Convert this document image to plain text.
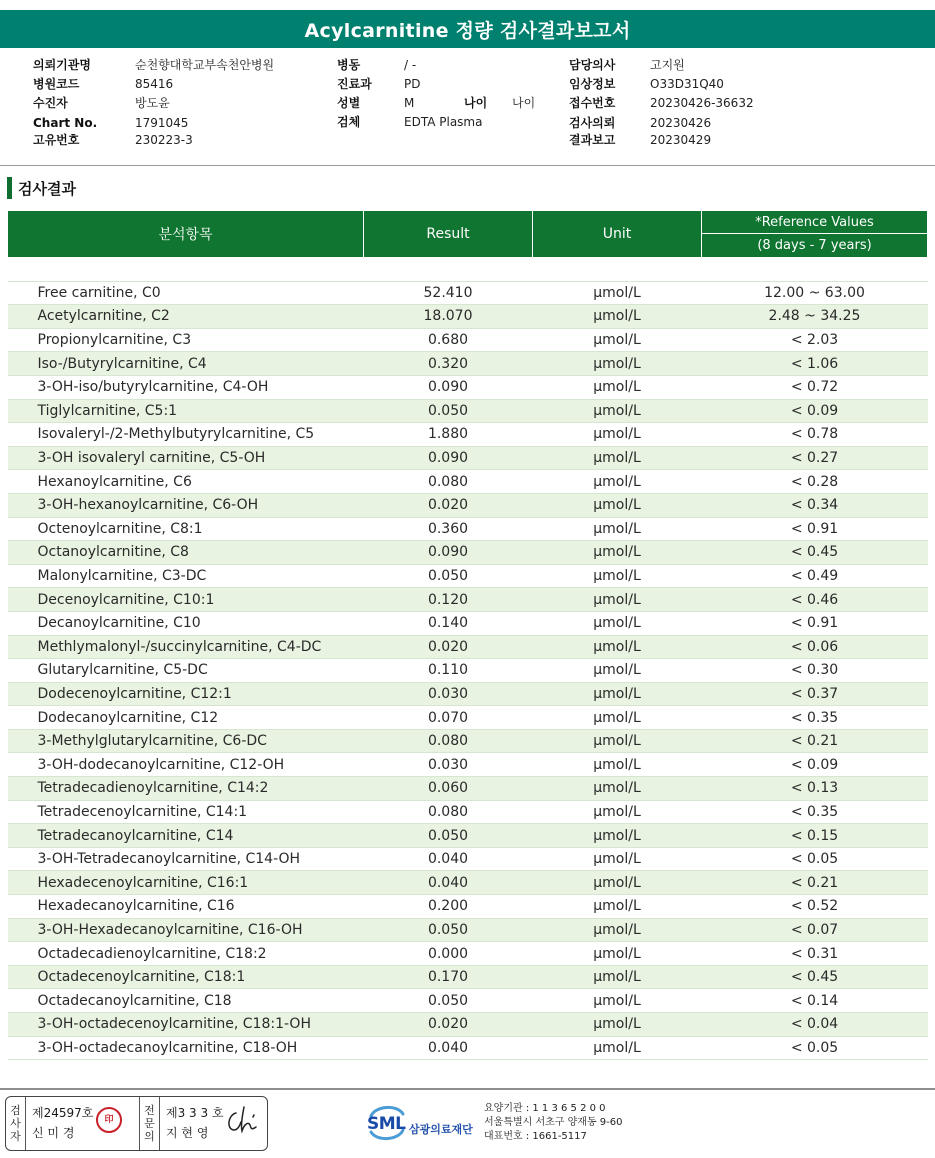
Acylcarnitine 정량 검사결과보고서
의뢰기관명	순천향대학교부속천안병원
병원코드	85416
수진자	방도윤
Chart No.	1791045
고유번호	230223-3
병동	/ -
진료과	PD
성별	M	나이 나이
검체	EDTA Plasma
담당의사	고지원
임상정보	O33D31Q40
접수번호	20230426-36632
검사의뢰	20230426
결과보고	20230429
검사결과
분석항목	Result	Unit	*Reference Values
			(8 days - 7 years)

Free carnitine, C0	52.410	μmol/L	12.00 ~ 63.00
Acetylcarnitine, C2	18.070	μmol/L	2.48 ~ 34.25
Propionylcarnitine, C3	0.680	μmol/L	< 2.03
Iso-/Butyrylcarnitine, C4	0.320	μmol/L	< 1.06
3-OH-iso/butyrylcarnitine, C4-OH	0.090	μmol/L	< 0.72
Tiglylcarnitine, C5:1	0.050	μmol/L	< 0.09
Isovaleryl-/2-Methylbutyrylcarnitine, C5	1.880	μmol/L	< 0.78
3-OH isovaleryl carnitine, C5-OH	0.090	μmol/L	< 0.27
Hexanoylcarnitine, C6	0.080	μmol/L	< 0.28
3-OH-hexanoylcarnitine, C6-OH	0.020	μmol/L	< 0.34
Octenoylcarnitine, C8:1	0.360	μmol/L	< 0.91
Octanoylcarnitine, C8	0.090	μmol/L	< 0.45
Malonylcarnitine, C3-DC	0.050	μmol/L	< 0.49
Decenoylcarnitine, C10:1	0.120	μmol/L	< 0.46
Decanoylcarnitine, C10	0.140	μmol/L	< 0.91
Methlymalonyl-/succinylcarnitine, C4-DC	0.020	μmol/L	< 0.06
Glutarylcarnitine, C5-DC	0.110	μmol/L	< 0.30
Dodecenoylcarnitine, C12:1	0.030	μmol/L	< 0.37
Dodecanoylcarnitine, C12	0.070	μmol/L	< 0.35
3-Methylglutarylcarnitine, C6-DC	0.080	μmol/L	< 0.21
3-OH-dodecanoylcarnitine, C12-OH	0.030	μmol/L	< 0.09
Tetradecadienoylcarnitine, C14:2	0.060	μmol/L	< 0.13
Tetradecenoylcarnitine, C14:1	0.080	μmol/L	< 0.35
Tetradecanoylcarnitine, C14	0.050	μmol/L	< 0.15
3-OH-Tetradecanoylcarnitine, C14-OH	0.040	μmol/L	< 0.05
Hexadecenoylcarnitine, C16:1	0.040	μmol/L	< 0.21
Hexadecanoylcarnitine, C16	0.200	μmol/L	< 0.52
3-OH-Hexadecanoylcarnitine, C16-OH	0.050	μmol/L	< 0.07
Octadecadienoylcarnitine, C18:2	0.000	μmol/L	< 0.31
Octadecenoylcarnitine, C18:1	0.170	μmol/L	< 0.45
Octadecanoylcarnitine, C18	0.050	μmol/L	< 0.14
3-OH-octadecenoylcarnitine, C18:1-OH	0.020	μmol/L	< 0.04
3-OH-octadecanoylcarnitine, C18-OH	0.040	μmol/L	< 0.05
검
사
자
제24597호
신 미 경
印
전
문
의
제3 3 3 호
지 현 영	SML 삼광의료재단
요양기관 : 1 1 3 6 5 2 0 0
서울특별시 서초구 양재동 9-60
대표번호 : 1661-5117
